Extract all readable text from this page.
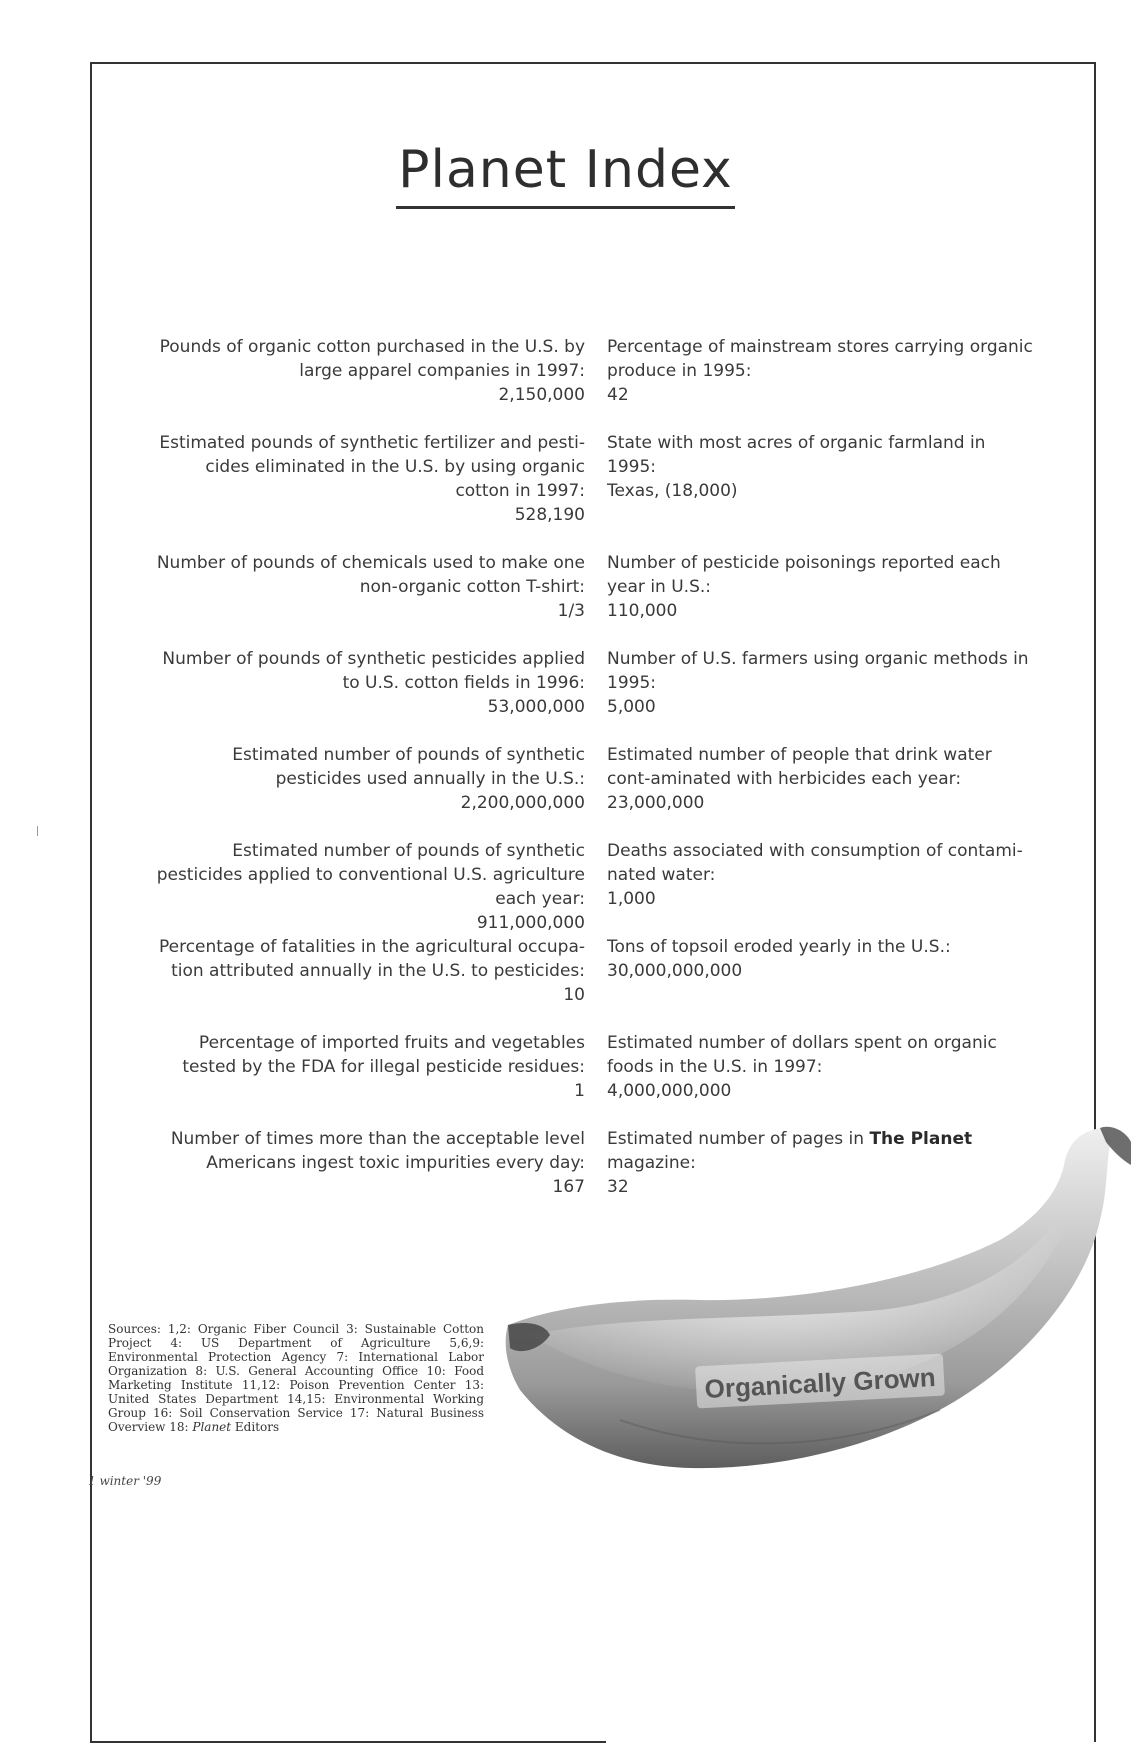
Planet Index
Pounds of organic cotton purchased in the U.S. by large apparel companies in 1997:
2,150,000
Estimated pounds of synthetic fertilizer and pesti-cides eliminated in the U.S. by using organic cotton in 1997:
528,190
Number of pounds of chemicals used to make one non-organic cotton T-shirt:
1/3
Number of pounds of synthetic pesticides applied to U.S. cotton fields in 1996:
53,000,000
Estimated number of pounds of synthetic pesticides used annually in the U.S.:
2,200,000,000
Estimated number of pounds of synthetic pesticides applied to conventional U.S. agriculture each year:
911,000,000
Percentage of fatalities in the agricultural occupa-tion attributed annually in the U.S. to pesticides:
10
Percentage of imported fruits and vegetables tested by the FDA for illegal pesticide residues:
1
Number of times more than the acceptable level Americans ingest toxic impurities every day:
167
Percentage of mainstream stores carrying organic produce in 1995:
42
State with most acres of organic farmland in 1995:
Texas, (18,000)
Number of pesticide poisonings reported each year in U.S.:
110,000
Number of U.S. farmers using organic methods in 1995:
5,000
Estimated number of people that drink water cont-aminated with herbicides each year:
23,000,000
Deaths associated with consumption of contami-nated water:
1,000
Tons of topsoil eroded yearly in the U.S.:
30,000,000,000
Estimated number of dollars spent on organic foods in the U.S. in 1997:
4,000,000,000
Estimated number of pages in The Planet magazine:
32
Organically Grown
Sources: 1,2: Organic Fiber Council 3: Sustainable Cotton Project 4: US Department of Agriculture 5,6,9: Environmental Protection Agency 7: International Labor Organization 8: U.S. General Accounting Office 10: Food Marketing Institute 11,12: Poison Prevention Center 13: United States Department 14,15: Environmental Working Group 16: Soil Conservation Service 17: Natural Business Overview 18: Planet Editors
1 winter '99
